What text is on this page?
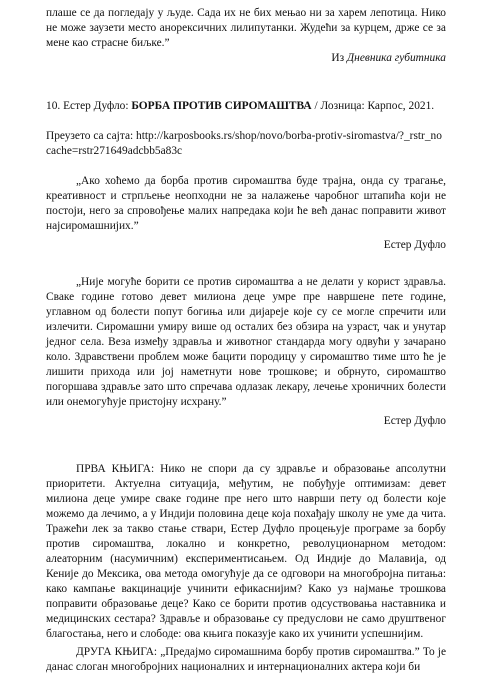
плаше се да погледају у људе. Сада их не бих мењао ни за харем лепотица. Нико не може заузети место анорексичних лилипутанки. Жудећи за курцем, држе се за мене као страсне биљке.”

Из Дневника губитника

10. Естер Дуфло: БОРБА ПРОТИВ СИРОМАШТВА / Лозница: Карпос, 2021.

Преузето са сајта: http://karposbooks.rs/shop/novo/borba-protiv-siromastva/?_rstr_nocache=rstr271649adcbb5a83c

„Ако хоћемо да борба против сиромаштва буде трајна, онда су трагање, креативност и стрпљење неопходни не за налажење чаробног штапића који не постоји, него за спровођење малих напредака који ће већ данас поправити живот најсиромашнијих.”

Естер Дуфло

„Није могуће борити се против сиромаштва а не делати у корист здравља. Сваке године готово девет милиона деце умре пре навршене пете године, углавном од болести попут богиња или дијареје које су се могле спречити или излечити. Сиромашни умиру више од осталих без обзира на узраст, чак и унутар једног села. Веза између здравља и животног стандарда могу одвући у зачарано коло. Здравствени проблем може бацити породицу у сиромаштво тиме што ће је лишити прихода или јој наметнути нове трошкове; и обрнуто, сиромаштво погоршава здравље зато што спречава одлазак лекару, лечење хроничних болести или онемогућује пристојну исхрану.”

Естер Дуфло

ПРВА КЊИГА: Нико не спори да су здравље и образовање апсолутни приоритети. Актуелна ситуација, међутим, не побуђује оптимизам: девет милиона деце умире сваке године пре него што наврши пету од болести које можемо да лечимо, а у Индији половина деце која похађају школу не уме да чита. Тражећи лек за такво стање ствари, Естер Дуфло процењује програме за борбу против сиромаштва, локално и конкретно, револуционарном методом: алеаторним (насумичним) експериментисањем. Од Индије до Малавија, од Кеније до Мексика, ова метода омогућује да се одговори на многобројна питања: како кампање вакцинације учинити ефикаснијим? Како уз најмање трошкова поправити образовање деце? Како се борити против одсуствовања наставника и медицинских сестара? Здравље и образовање су предуслови не само друштвеног благостања, него и слободе: ова књига показује како их учинити успешнијим.

ДРУГА КЊИГА: „Предајмо сиромашнима борбу против сиромаштва.” То је данас слоган многобројних националних и интернационалних актера који би
